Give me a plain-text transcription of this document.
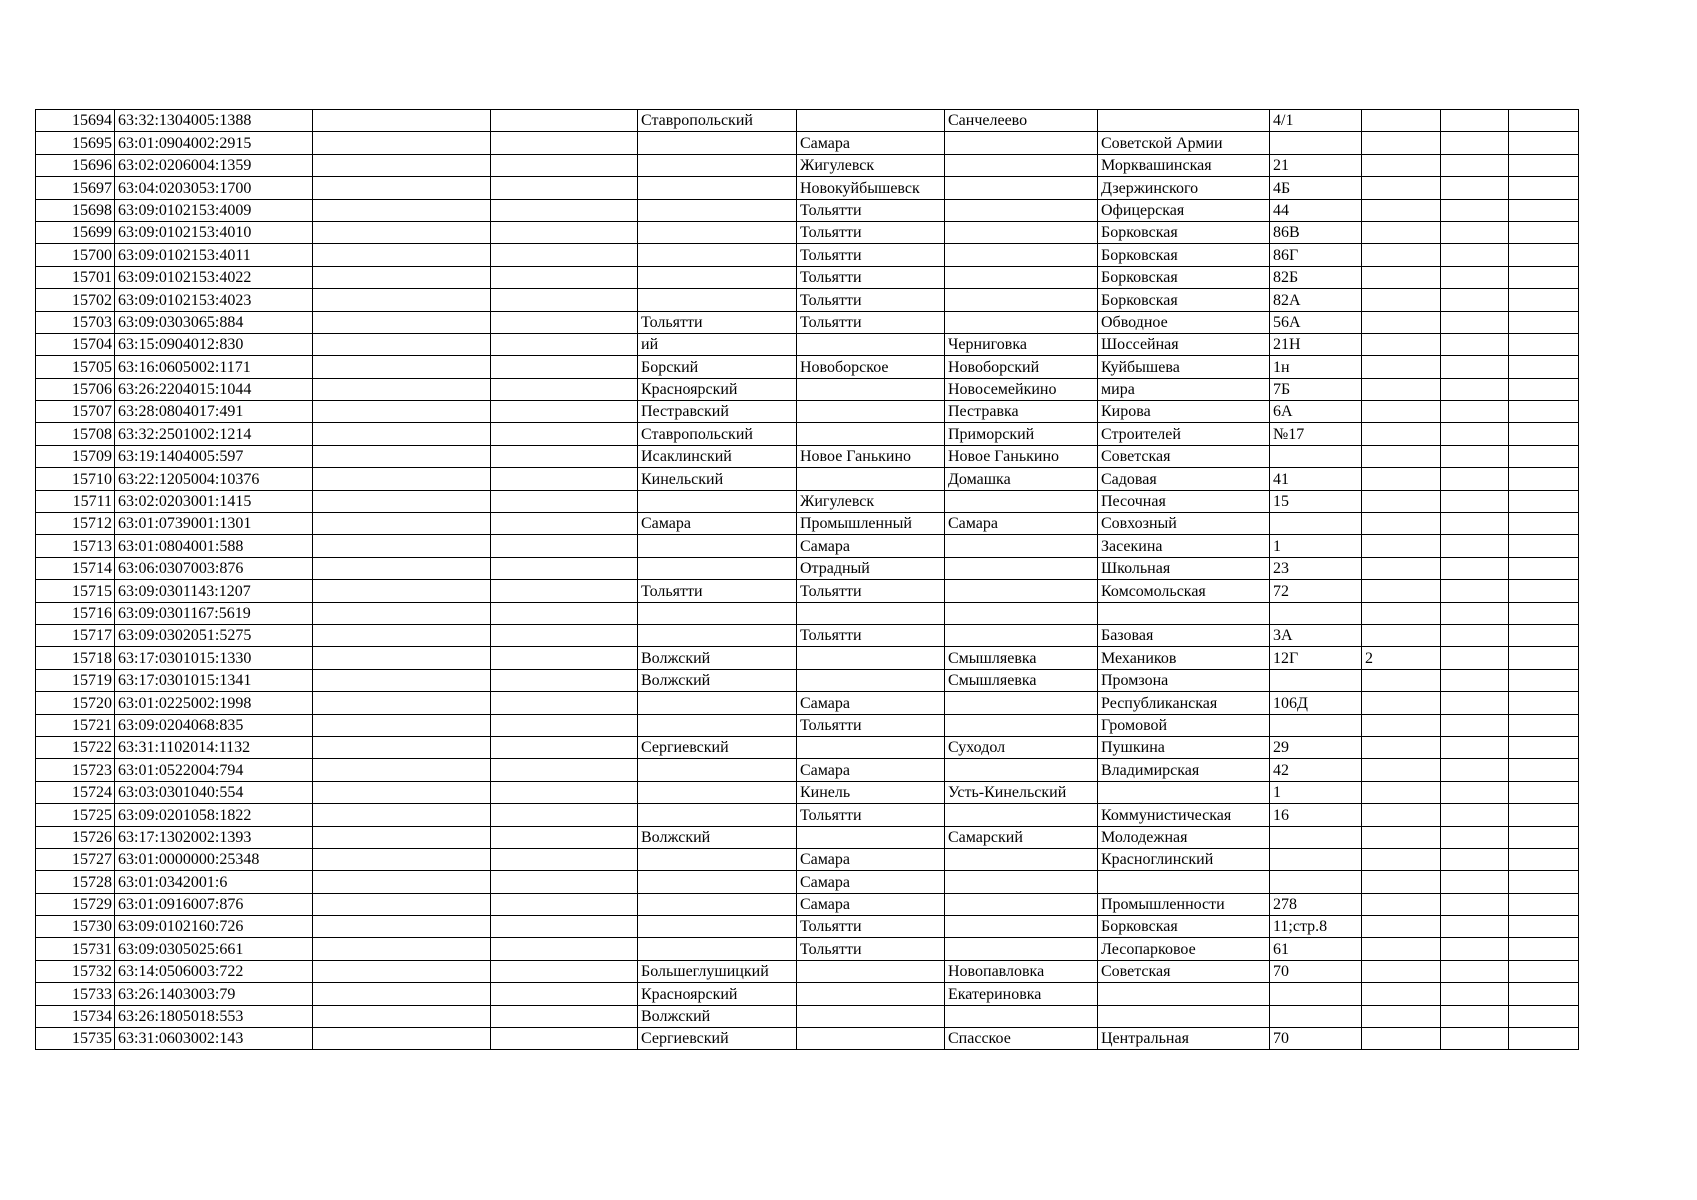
15694	63:32:1304005:1388			Ставропольский		Санчелеево		4/1			
15695	63:01:0904002:2915				Самара		Советской Армии				
15696	63:02:0206004:1359				Жигулевск		Морквашинская	21			
15697	63:04:0203053:1700				Новокуйбышевск		Дзержинского	4Б			
15698	63:09:0102153:4009				Тольятти		Офицерская	44			
15699	63:09:0102153:4010				Тольятти		Борковская	86В			
15700	63:09:0102153:4011				Тольятти		Борковская	86Г			
15701	63:09:0102153:4022				Тольятти		Борковская	82Б			
15702	63:09:0102153:4023				Тольятти		Борковская	82А			
15703	63:09:0303065:884			Тольятти	Тольятти		Обводное	56А			
15704	63:15:0904012:830			ий		Черниговка	Шоссейная	21Н			
15705	63:16:0605002:1171			Борский	Новоборское	Новоборский	Куйбышева	1н			
15706	63:26:2204015:1044			Красноярский		Новосемейкино	мира	7Б			
15707	63:28:0804017:491			Пестравский		Пестравка	Кирова	6А			
15708	63:32:2501002:1214			Ставропольский		Приморский	Строителей	№17			
15709	63:19:1404005:597			Исаклинский	Новое Ганькино	Новое Ганькино	Советская				
15710	63:22:1205004:10376			Кинельский		Домашка	Садовая	41			
15711	63:02:0203001:1415				Жигулевск		Песочная	15			
15712	63:01:0739001:1301			Самара	Промышленный	Самара	Совхозный				
15713	63:01:0804001:588				Самара		Засекина	1			
15714	63:06:0307003:876				Отрадный		Школьная	23			
15715	63:09:0301143:1207			Тольятти	Тольятти		Комсомольская	72			
15716	63:09:0301167:5619										
15717	63:09:0302051:5275				Тольятти		Базовая	3А			
15718	63:17:0301015:1330			Волжский		Смышляевка	Механиков	12Г	2		
15719	63:17:0301015:1341			Волжский		Смышляевка	Промзона				
15720	63:01:0225002:1998				Самара		Республиканская	106Д			
15721	63:09:0204068:835				Тольятти		Громовой				
15722	63:31:1102014:1132			Сергиевский		Суходол	Пушкина	29			
15723	63:01:0522004:794				Самара		Владимирская	42			
15724	63:03:0301040:554				Кинель	Усть-Кинельский		1			
15725	63:09:0201058:1822				Тольятти		Коммунистическая	16			
15726	63:17:1302002:1393			Волжский		Самарский	Молодежная				
15727	63:01:0000000:25348				Самара		Красноглинский				
15728	63:01:0342001:6				Самара						
15729	63:01:0916007:876				Самара		Промышленности	278			
15730	63:09:0102160:726				Тольятти		Борковская	11;стр.8			
15731	63:09:0305025:661				Тольятти		Лесопарковое	61			
15732	63:14:0506003:722			Большеглушицкий		Новопавловка	Советская	70			
15733	63:26:1403003:79			Красноярский		Екатериновка					
15734	63:26:1805018:553			Волжский							
15735	63:31:0603002:143			Сергиевский		Спасское	Центральная	70			
